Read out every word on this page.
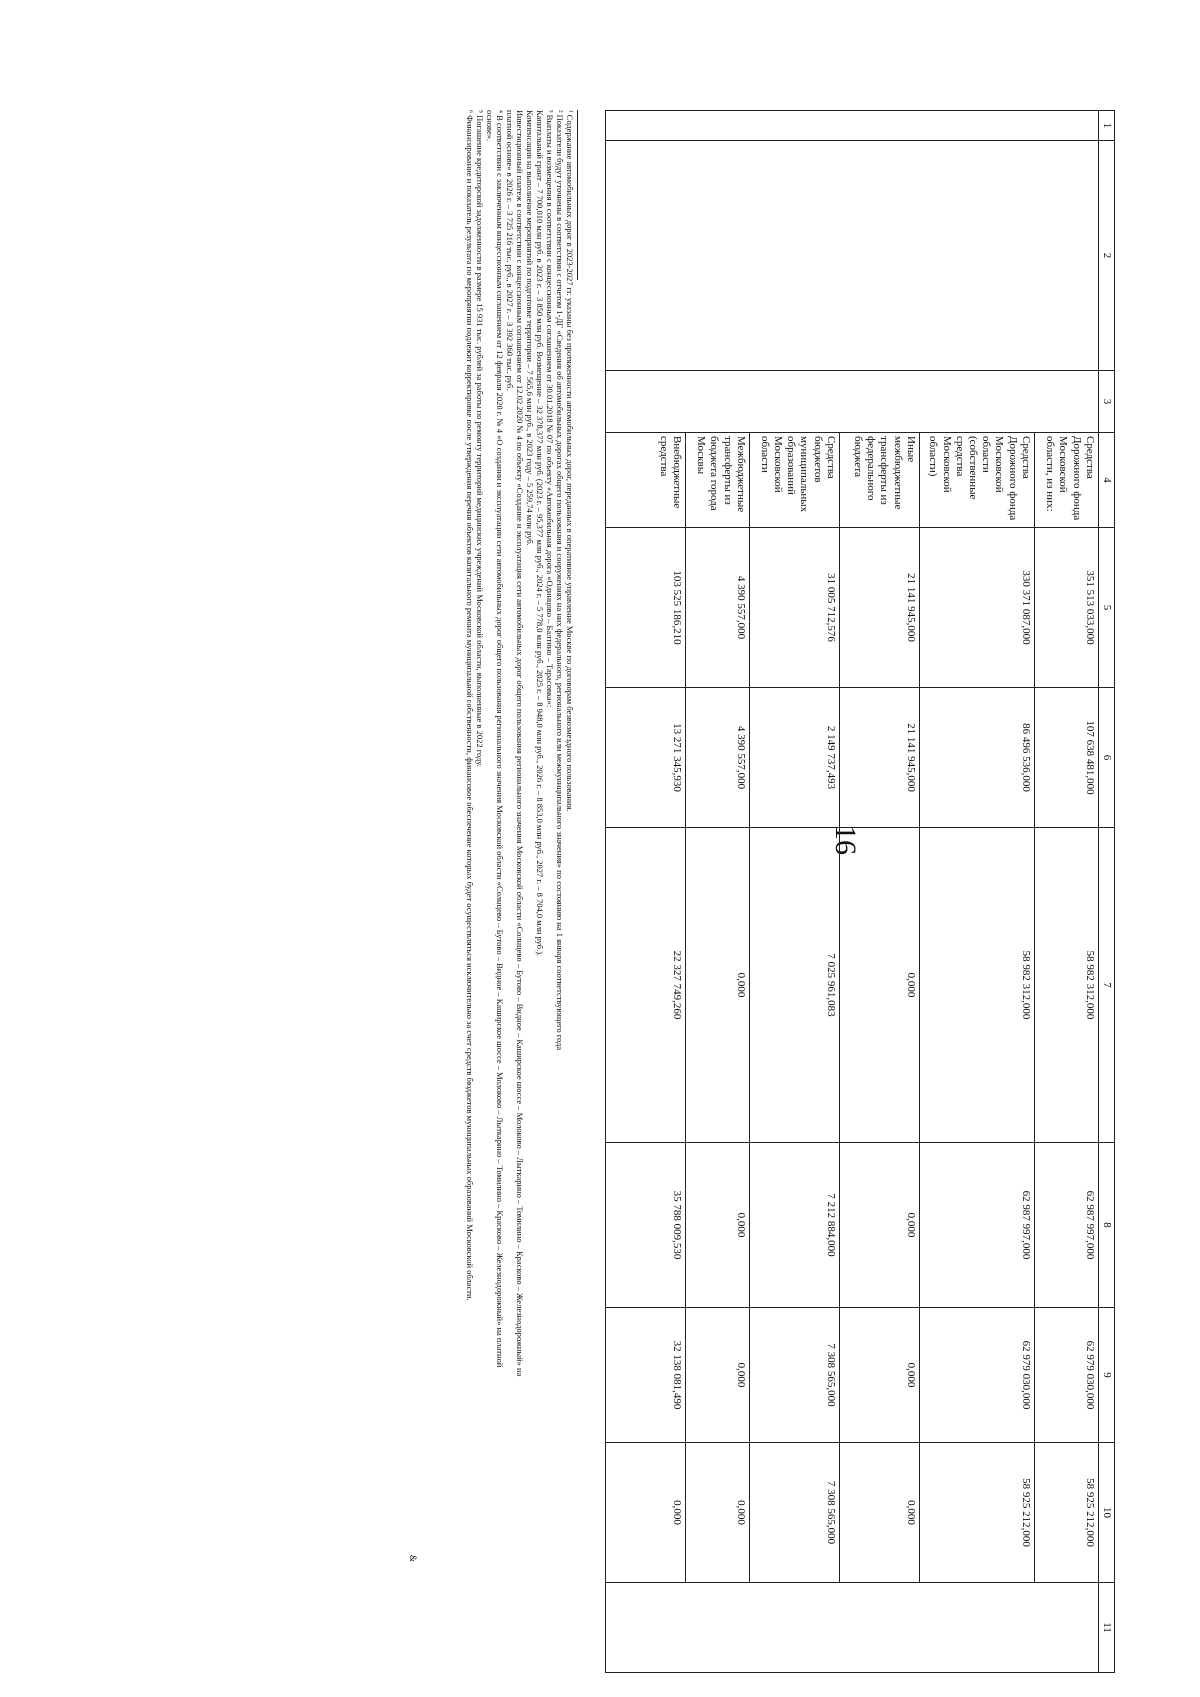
16
1	2	3	4	5	6	7	8	9	10	11
			Средства Дорожного фонда Московской области, из них:	351 513 033,000	107 638 481,000	58 982 312,000	62 987 997,000	62 979 030,000	58 925 212,000	
			Средства Дорожного фонда Московской области (собственные средства Московской области)	330 371 087,000	86 496 536,000	58 982 312,000	62 987 997,000	62 979 030,000	58 925 212,000	
			Иные межбюджетные трансферты из федерального бюджета	21 141 945,000	21 141 945,000	0,000	0,000	0,000	0,000	
			Средства бюджетов муниципальных образований Московской области	31 005 712,576	2 149 737,493	7 025 961,083	7 212 884,000	7 308 565,000	7 308 565,000	
			Межбюджетные трансферты из бюджета города Москвы	4 390 557,000	4 390 557,000	0,000	0,000	0,000	0,000	
			Внебюджетные средства	103 525 186,210	13 271 345,930	22 327 749,260	35 788 009,530	32 138 081,490	0,000	
¹ Содержание автомобильных дорог в 2023-2027 гг. указаны без протяженности автомобильных дорог, переданных в оперативное управление Москве по договорам безвозмездного пользования.
² Показатели будут уточнены в соответствии с отчетом 1-ДГ «Сведения об автомобильных дорогах общего пользования и сооружениях на них федерального, регионального или межмуниципального значения» по состоянию на 1 января соответствующего года
³ Выплаты и возмещения в соответствии с концессионным соглашением от 30.01.2018 № 07 по объекту «Автомобильная дорога «Одинцово – Балтино – Тарасовка»:
Капитальный грант – 7 700,010 млн руб. в 2023 г. – 3 850 млн руб. Возмещение – 32 378,377 млн руб. (2023 г. – 95,377 млн руб., 2024 г. – 5 778,0 млн руб., 2025 г. – 8 948,0 млн руб., 2026 г. – 8 853,0 млн руб., 2027 г. – 8 704,0 млн руб.).
Компенсации на выполнение мероприятий по подготовке территории – 7 565,6 млн руб., в 2023 году – 5 259,74 млн руб.
Инвестиционный платеж в соответствии с концессионным соглашением от 12.02.2020 № 4 по объекту «Создание и эксплуатация сети автомобильных дорог общего пользования регионального значения Московской области «Солнцево – Бутово – Видное – Каширское шоссе – Молоково – Лыткарино – Томилино – Красково – Железнодорожный» на
платной основе» в 2026 г. – 3 725 216 тыс. руб., в 2027 г. – 3 392 360 тыс. руб.
⁴ В соответствии с заключенным концессионным соглашением от 12 февраля 2020 г. № 4 «О создании и эксплуатации сети автомобильных дорог общего пользования регионального значения Московской области «Солнцево – Бутово – Видное – Каширское шоссе – Молоково – Лыткарино – Томилино – Красково – Железнодорожный» на платной
основе».
⁵ Погашение кредиторской задолженности в размере 15 931 тыс. рублей за работы по ремонту территорий медицинских учреждений Московской области, выполненные в 2022 году.
⁶ Финансирование и показатель результата по мероприятии подлежит корректировке после утверждения перечня объектов капитального ремонта муниципальной собственности, финансовое обеспечение которых будет осуществляться исключительно за счет средств бюджетов муниципальных образований Московской области.
&
